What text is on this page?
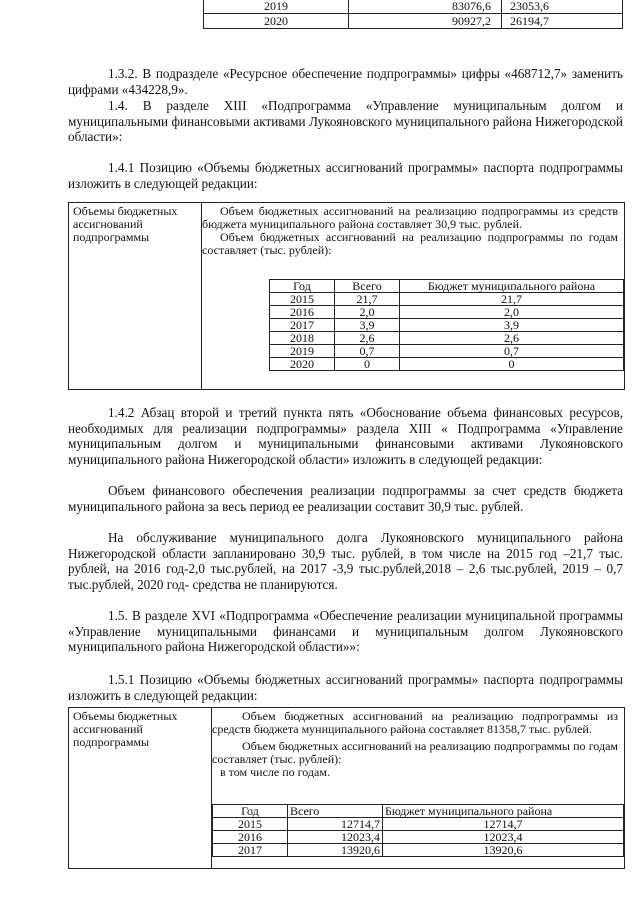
2019	83076,6	23053,6
2020	90927,2	26194,7

1.3.2. В подразделе «Ресурсное обеспечение подпрограммы» цифры «468712,7» заменить цифрами «434228,9».

1.4. В разделе XIII «Подпрограмма «Управление муниципальным долгом и муниципальными финансовыми активами Лукояновского муниципального района Нижегородской области»:

1.4.1 Позицию «Объемы бюджетных ассигнований программы» паспорта подпрограммы изложить в следующей редакции:

Объемы бюджетных ассигнований подпрограммы
Объем бюджетных ассигнований на реализацию подпрограммы из средств бюджета муниципального района составляет 30,9 тыс. рублей.
Объем бюджетных ассигнований на реализацию подпрограммы по годам составляет (тыс. рублей):
Год	Всего	Бюджет муниципального района
2015	21,7	21,7
2016	2,0	2,0
2017	3,9	3,9
2018	2,6	2,6
2019	0,7	0,7
2020	0	0

1.4.2 Абзац второй и третий пункта пять «Обоснование объема финансовых ресурсов, необходимых для реализации подпрограммы» раздела XIII « Подпрограмма «Управление муниципальным долгом и муниципальными финансовыми активами Лукояновского муниципального района Нижегородской области» изложить в следующей редакции:

Объем финансового обеспечения реализации подпрограммы за счет средств бюджета муниципального района за весь период ее реализации составит 30,9 тыс. рублей.

На обслуживание муниципального долга Лукояновского муниципального района Нижегородской области запланировано 30,9 тыс. рублей, в том числе на 2015 год –21,7 тыс. рублей, на 2016 год-2,0 тыс.рублей, на 2017 -3,9 тыс.рублей,2018 – 2,6 тыс.рублей, 2019 – 0,7 тыс.рублей, 2020 год- средства не планируются.

1.5. В разделе XVI «Подпрограмма «Обеспечение реализации муниципальной программы «Управление муниципальными финансами и муниципальным долгом Лукояновского муниципального района Нижегородской области»»:

1.5.1 Позицию «Объемы бюджетных ассигнований программы» паспорта подпрограммы изложить в следующей редакции:

Объемы бюджетных ассигнований подпрограммы
Объем бюджетных ассигнований на реализацию подпрограммы из средств бюджета муниципального района составляет 81358,7 тыс. рублей.
Объем бюджетных ассигнований на реализацию подпрограммы по годам составляет (тыс. рублей):
в том числе по годам.
Год	Всего	Бюджет муниципального района
2015	12714,7	12714,7
2016	12023,4	12023,4
2017	13920,6	13920,6
